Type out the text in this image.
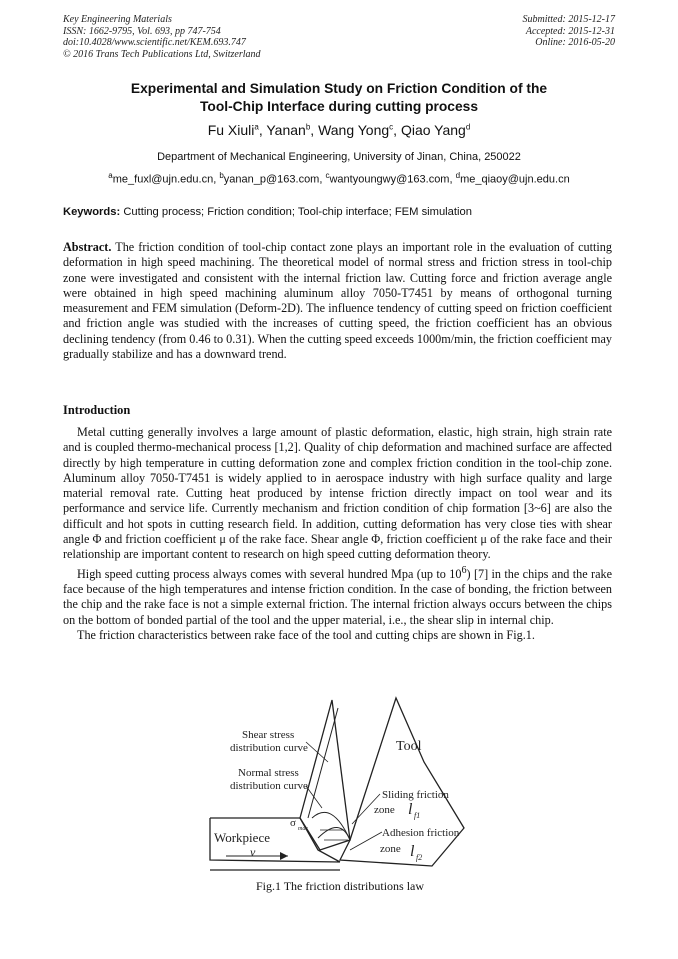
Key Engineering Materials
ISSN: 1662-9795, Vol. 693, pp 747-754
doi:10.4028/www.scientific.net/KEM.693.747
© 2016 Trans Tech Publications Ltd, Switzerland
Submitted: 2015-12-17
Accepted: 2015-12-31
Online: 2016-05-20
Experimental and Simulation Study on Friction Condition of the
Tool-Chip Interface during cutting process
Fu Xiuli$^a$, Yanan$^b$, Wang Yong$^c$, Qiao Yang$^d$
Department of Mechanical Engineering, University of Jinan, China, 250022
$^a$me_fuxl@ujn.edu.cn, $^b$yanan_p@163.com, $^c$wantyoungwy@163.com, $^d$me_qiaoy@ujn.edu.cn
Keywords: Cutting process; Friction condition; Tool-chip interface; FEM simulation
Abstract. The friction condition of tool-chip contact zone plays an important role in the evaluation of cutting deformation in high speed machining. The theoretical model of normal stress and friction stress in tool-chip zone were investigated and consistent with the internal friction law. Cutting force and friction average angle were obtained in high speed machining aluminum alloy 7050-T7451 by means of orthogonal turning measurement and FEM simulation (Deform-2D). The influence tendency of cutting speed on friction coefficient and friction angle was studied with the increases of cutting speed, the friction coefficient has an obvious declining tendency (from 0.46 to 0.31). When the cutting speed exceeds 1000m/min, the friction coefficient may gradually stabilize and has a downward trend.
Introduction

Metal cutting generally involves a large amount of plastic deformation, elastic, high strain, high strain rate and is coupled thermo-mechanical process [1,2]. Quality of chip deformation and machined surface are affected directly by high temperature in cutting deformation zone and complex friction condition in the tool-chip zone. Aluminum alloy 7050-T7451 is widely applied to in aerospace industry with high surface quality and large material removal rate. Cutting heat produced by intense friction directly impact on tool wear and its performance and service life. Currently mechanism and friction condition of chip formation [3~6] are also the difficult and hot spots in cutting research field. In addition, cutting deformation has very close ties with shear angle Φ and friction coefficient μ of the rake face. Shear angle Φ, friction coefficient μ of the rake face and their relationship are important content to research on high speed cutting deformation theory.

High speed cutting process always comes with several hundred Mpa (up to $10^6$) [7] in the chips and the rake face because of the high temperatures and intense friction condition. In the case of bonding, the friction between the chip and the rake face is not a simple external friction. The internal friction always occurs between the chips on the bottom of bonded partial of the tool and the upper material, i.e., the shear slip in internal chip.

The friction characteristics between rake face of the tool and cutting chips are shown in Fig.1.

Shear stress
distribution curve
Normal stress
distribution curve
Tool
Sliding friction
zone l f1
Adhesion friction
zone l f2
Workpiece
v
σ max
Fig.1 The friction distributions law
